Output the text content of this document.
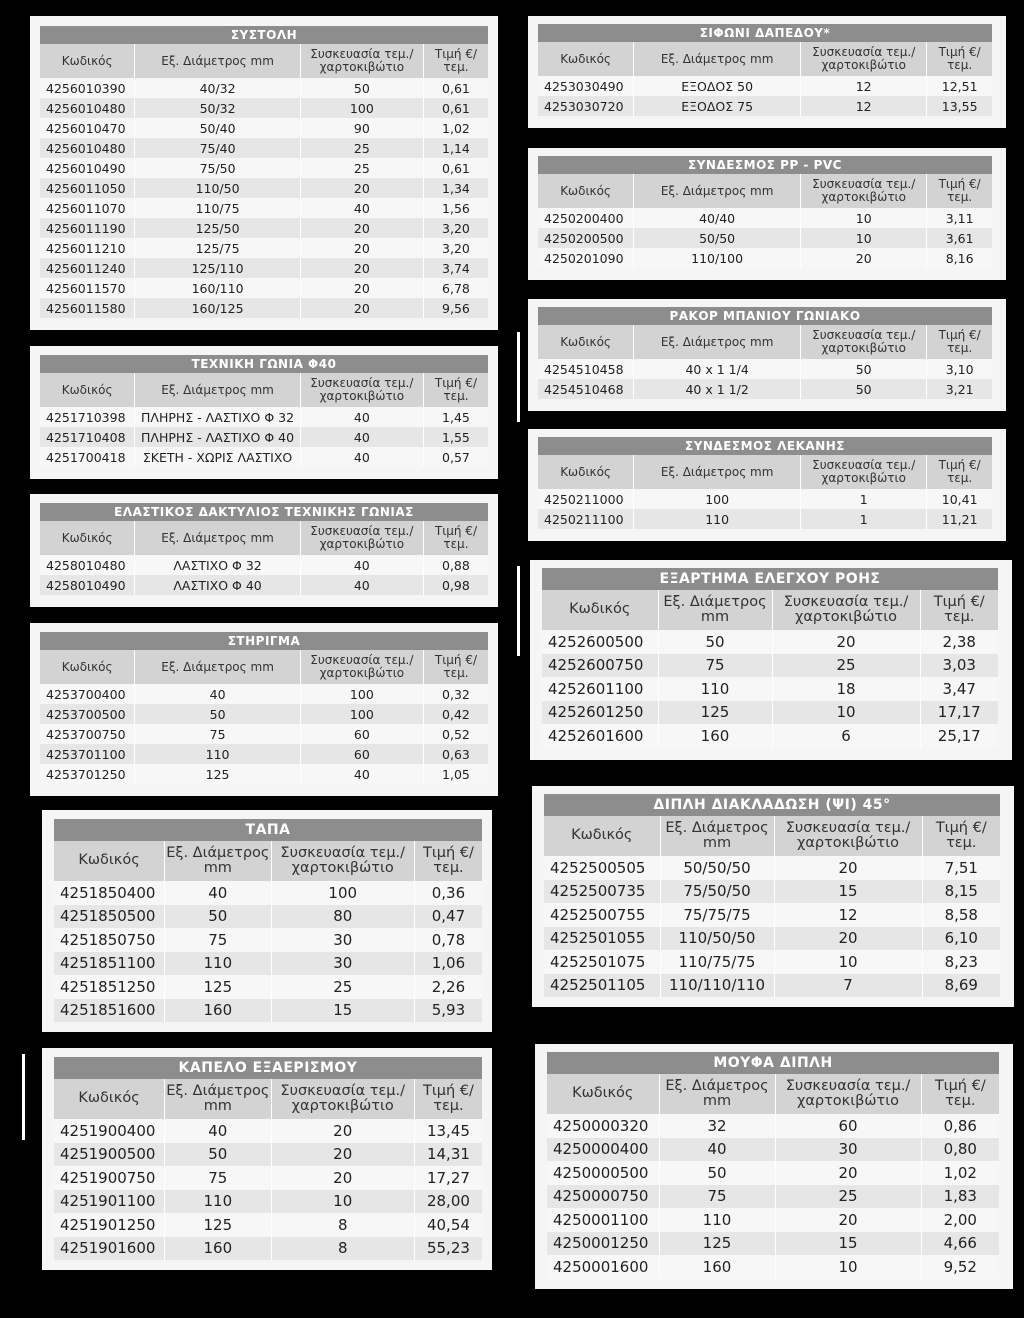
ΣΥΣΤΟΛΗ			
Κωδικός	Εξ. Διάμετρος mm	Συσκευασία τεμ./ χαρτοκιβώτιο	Τιμή €/ τεμ.
4256010390	40/32	50	0,61
4256010480	50/32	100	0,61
4256010470	50/40	90	1,02
4256010480	75/40	25	1,14
4256010490	75/50	25	0,61
4256011050	110/50	20	1,34
4256011070	110/75	40	1,56
4256011190	125/50	20	3,20
4256011210	125/75	20	3,20
4256011240	125/110	20	3,74
4256011570	160/110	20	6,78
4256011580	160/125	20	9,56
ΤΕΧΝΙΚΗ ΓΩΝΙΑ Φ40			
Κωδικός	Εξ. Διάμετρος mm	Συσκευασία τεμ./ χαρτοκιβώτιο	Τιμή €/ τεμ.
4251710398	ΠΛΗΡΗΣ - ΛΑΣΤΙΧΟ Φ 32	40	1,45
4251710408	ΠΛΗΡΗΣ - ΛΑΣΤΙΧΟ Φ 40	40	1,55
4251700418	ΣΚΕΤΗ - ΧΩΡΙΣ ΛΑΣΤΙΧΟ	40	0,57
ΕΛΑΣΤΙΚΟΣ ΔΑΚΤΥΛΙΟΣ ΤΕΧΝΙΚΗΣ ΓΩΝΙΑΣ			
Κωδικός	Εξ. Διάμετρος mm	Συσκευασία τεμ./ χαρτοκιβώτιο	Τιμή €/ τεμ.
4258010480	ΛΑΣΤΙΧΟ Φ 32	40	0,88
4258010490	ΛΑΣΤΙΧΟ Φ 40	40	0,98
ΣΤΗΡΙΓΜΑ			
Κωδικός	Εξ. Διάμετρος mm	Συσκευασία τεμ./ χαρτοκιβώτιο	Τιμή €/ τεμ.
4253700400	40	100	0,32
4253700500	50	100	0,42
4253700750	75	60	0,52
4253701100	110	60	0,63
4253701250	125	40	1,05
ΤΑΠΑ			
Κωδικός	Εξ. Διάμετρος mm	Συσκευασία τεμ./ χαρτοκιβώτιο	Τιμή €/ τεμ.
4251850400	40	100	0,36
4251850500	50	80	0,47
4251850750	75	30	0,78
4251851100	110	30	1,06
4251851250	125	25	2,26
4251851600	160	15	5,93
ΚΑΠΕΛΟ ΕΞΑΕΡΙΣΜΟΥ			
Κωδικός	Εξ. Διάμετρος mm	Συσκευασία τεμ./ χαρτοκιβώτιο	Τιμή €/ τεμ.
4251900400	40	20	13,45
4251900500	50	20	14,31
4251900750	75	20	17,27
4251901100	110	10	28,00
4251901250	125	8	40,54
4251901600	160	8	55,23
ΣΙΦΩΝΙ ΔΑΠΕΔΟΥ*			
Κωδικός	Εξ. Διάμετρος mm	Συσκευασία τεμ./ χαρτοκιβώτιο	Τιμή €/ τεμ.
4253030490	ΕΞΟΔΟΣ 50	12	12,51
4253030720	ΕΞΟΔΟΣ 75	12	13,55
ΣΥΝΔΕΣΜΟΣ PP - PVC			
Κωδικός	Εξ. Διάμετρος mm	Συσκευασία τεμ./ χαρτοκιβώτιο	Τιμή €/ τεμ.
4250200400	40/40	10	3,11
4250200500	50/50	10	3,61
4250201090	110/100	20	8,16
ΡΑΚΟΡ ΜΠΑΝΙΟΥ ΓΩΝΙΑΚΟ			
Κωδικός	Εξ. Διάμετρος mm	Συσκευασία τεμ./ χαρτοκιβώτιο	Τιμή €/ τεμ.
4254510458	40 x 1 1/4	50	3,10
4254510468	40 x 1 1/2	50	3,21
ΣΥΝΔΕΣΜΟΣ ΛΕΚΑΝΗΣ			
Κωδικός	Εξ. Διάμετρος mm	Συσκευασία τεμ./ χαρτοκιβώτιο	Τιμή €/ τεμ.
4250211000	100	1	10,41
4250211100	110	1	11,21
ΕΞΑΡΤΗΜΑ ΕΛΕΓΧΟΥ ΡΟΗΣ			
Κωδικός	Εξ. Διάμετρος mm	Συσκευασία τεμ./ χαρτοκιβώτιο	Τιμή €/ τεμ.
4252600500	50	20	2,38
4252600750	75	25	3,03
4252601100	110	18	3,47
4252601250	125	10	17,17
4252601600	160	6	25,17
ΔΙΠΛΗ ΔΙΑΚΛΑΔΩΣΗ (ΨΙ) 45°			
Κωδικός	Εξ. Διάμετρος mm	Συσκευασία τεμ./ χαρτοκιβώτιο	Τιμή €/ τεμ.
4252500505	50/50/50	20	7,51
4252500735	75/50/50	15	8,15
4252500755	75/75/75	12	8,58
4252501055	110/50/50	20	6,10
4252501075	110/75/75	10	8,23
4252501105	110/110/110	7	8,69
ΜΟΥΦΑ ΔΙΠΛΗ			
Κωδικός	Εξ. Διάμετρος mm	Συσκευασία τεμ./ χαρτοκιβώτιο	Τιμή €/ τεμ.
4250000320	32	60	0,86
4250000400	40	30	0,80
4250000500	50	20	1,02
4250000750	75	25	1,83
4250001100	110	20	2,00
4250001250	125	15	4,66
4250001600	160	10	9,52
